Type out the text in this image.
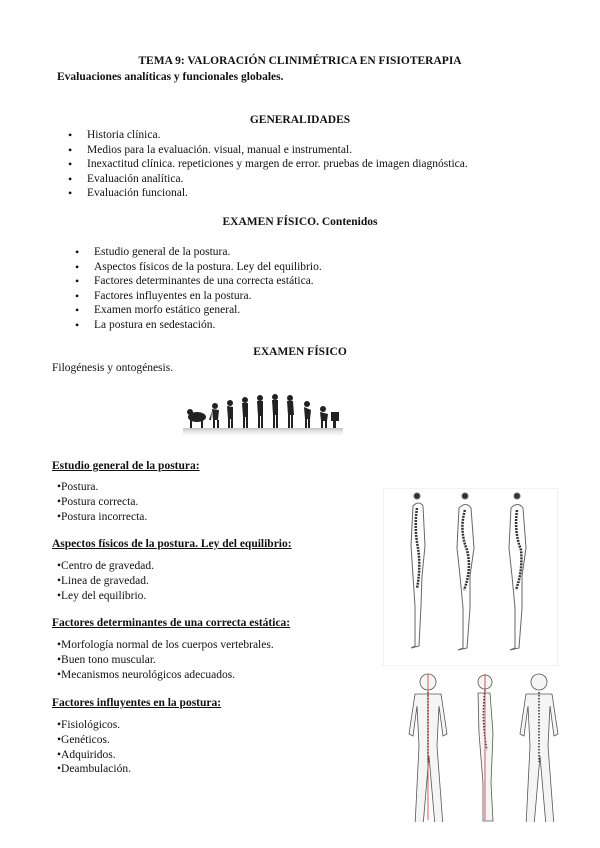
TEMA 9: VALORACIÓN CLINIMÉTRICA EN FISIOTERAPIA
Evaluaciones analíticas y funcionales globales.
GENERALIDADES
• Historia clínica.
• Medios para la evaluación. visual, manual e instrumental.
• Inexactitud clínica. repeticiones y margen de error. pruebas de imagen diagnóstica.
• Evaluación analítica.
• Evaluación funcional.
EXAMEN FÍSICO. Contenidos
• Estudio general de la postura.
• Aspectos físicos de la postura. Ley del equilibrio.
• Factores determinantes de una correcta estática.
• Factores influyentes en la postura.
• Examen morfo estático general.
• La postura en sedestación.
EXAMEN FÍSICO
Filogénesis y ontogénesis.
Estudio general de la postura:
•Postura.
•Postura correcta.
•Postura incorrecta.
Aspectos físicos de la postura. Ley del equilibrio:
•Centro de gravedad.
•Linea de gravedad.
•Ley del equilibrio.
Factores determinantes de una correcta estática:
•Morfología normal de los cuerpos vertebrales.
•Buen tono muscular.
•Mecanismos neurológicos adecuados.
Factores influyentes en la postura:
•Fisiológicos.
•Genéticos.
•Adquiridos.
•Deambulación.
